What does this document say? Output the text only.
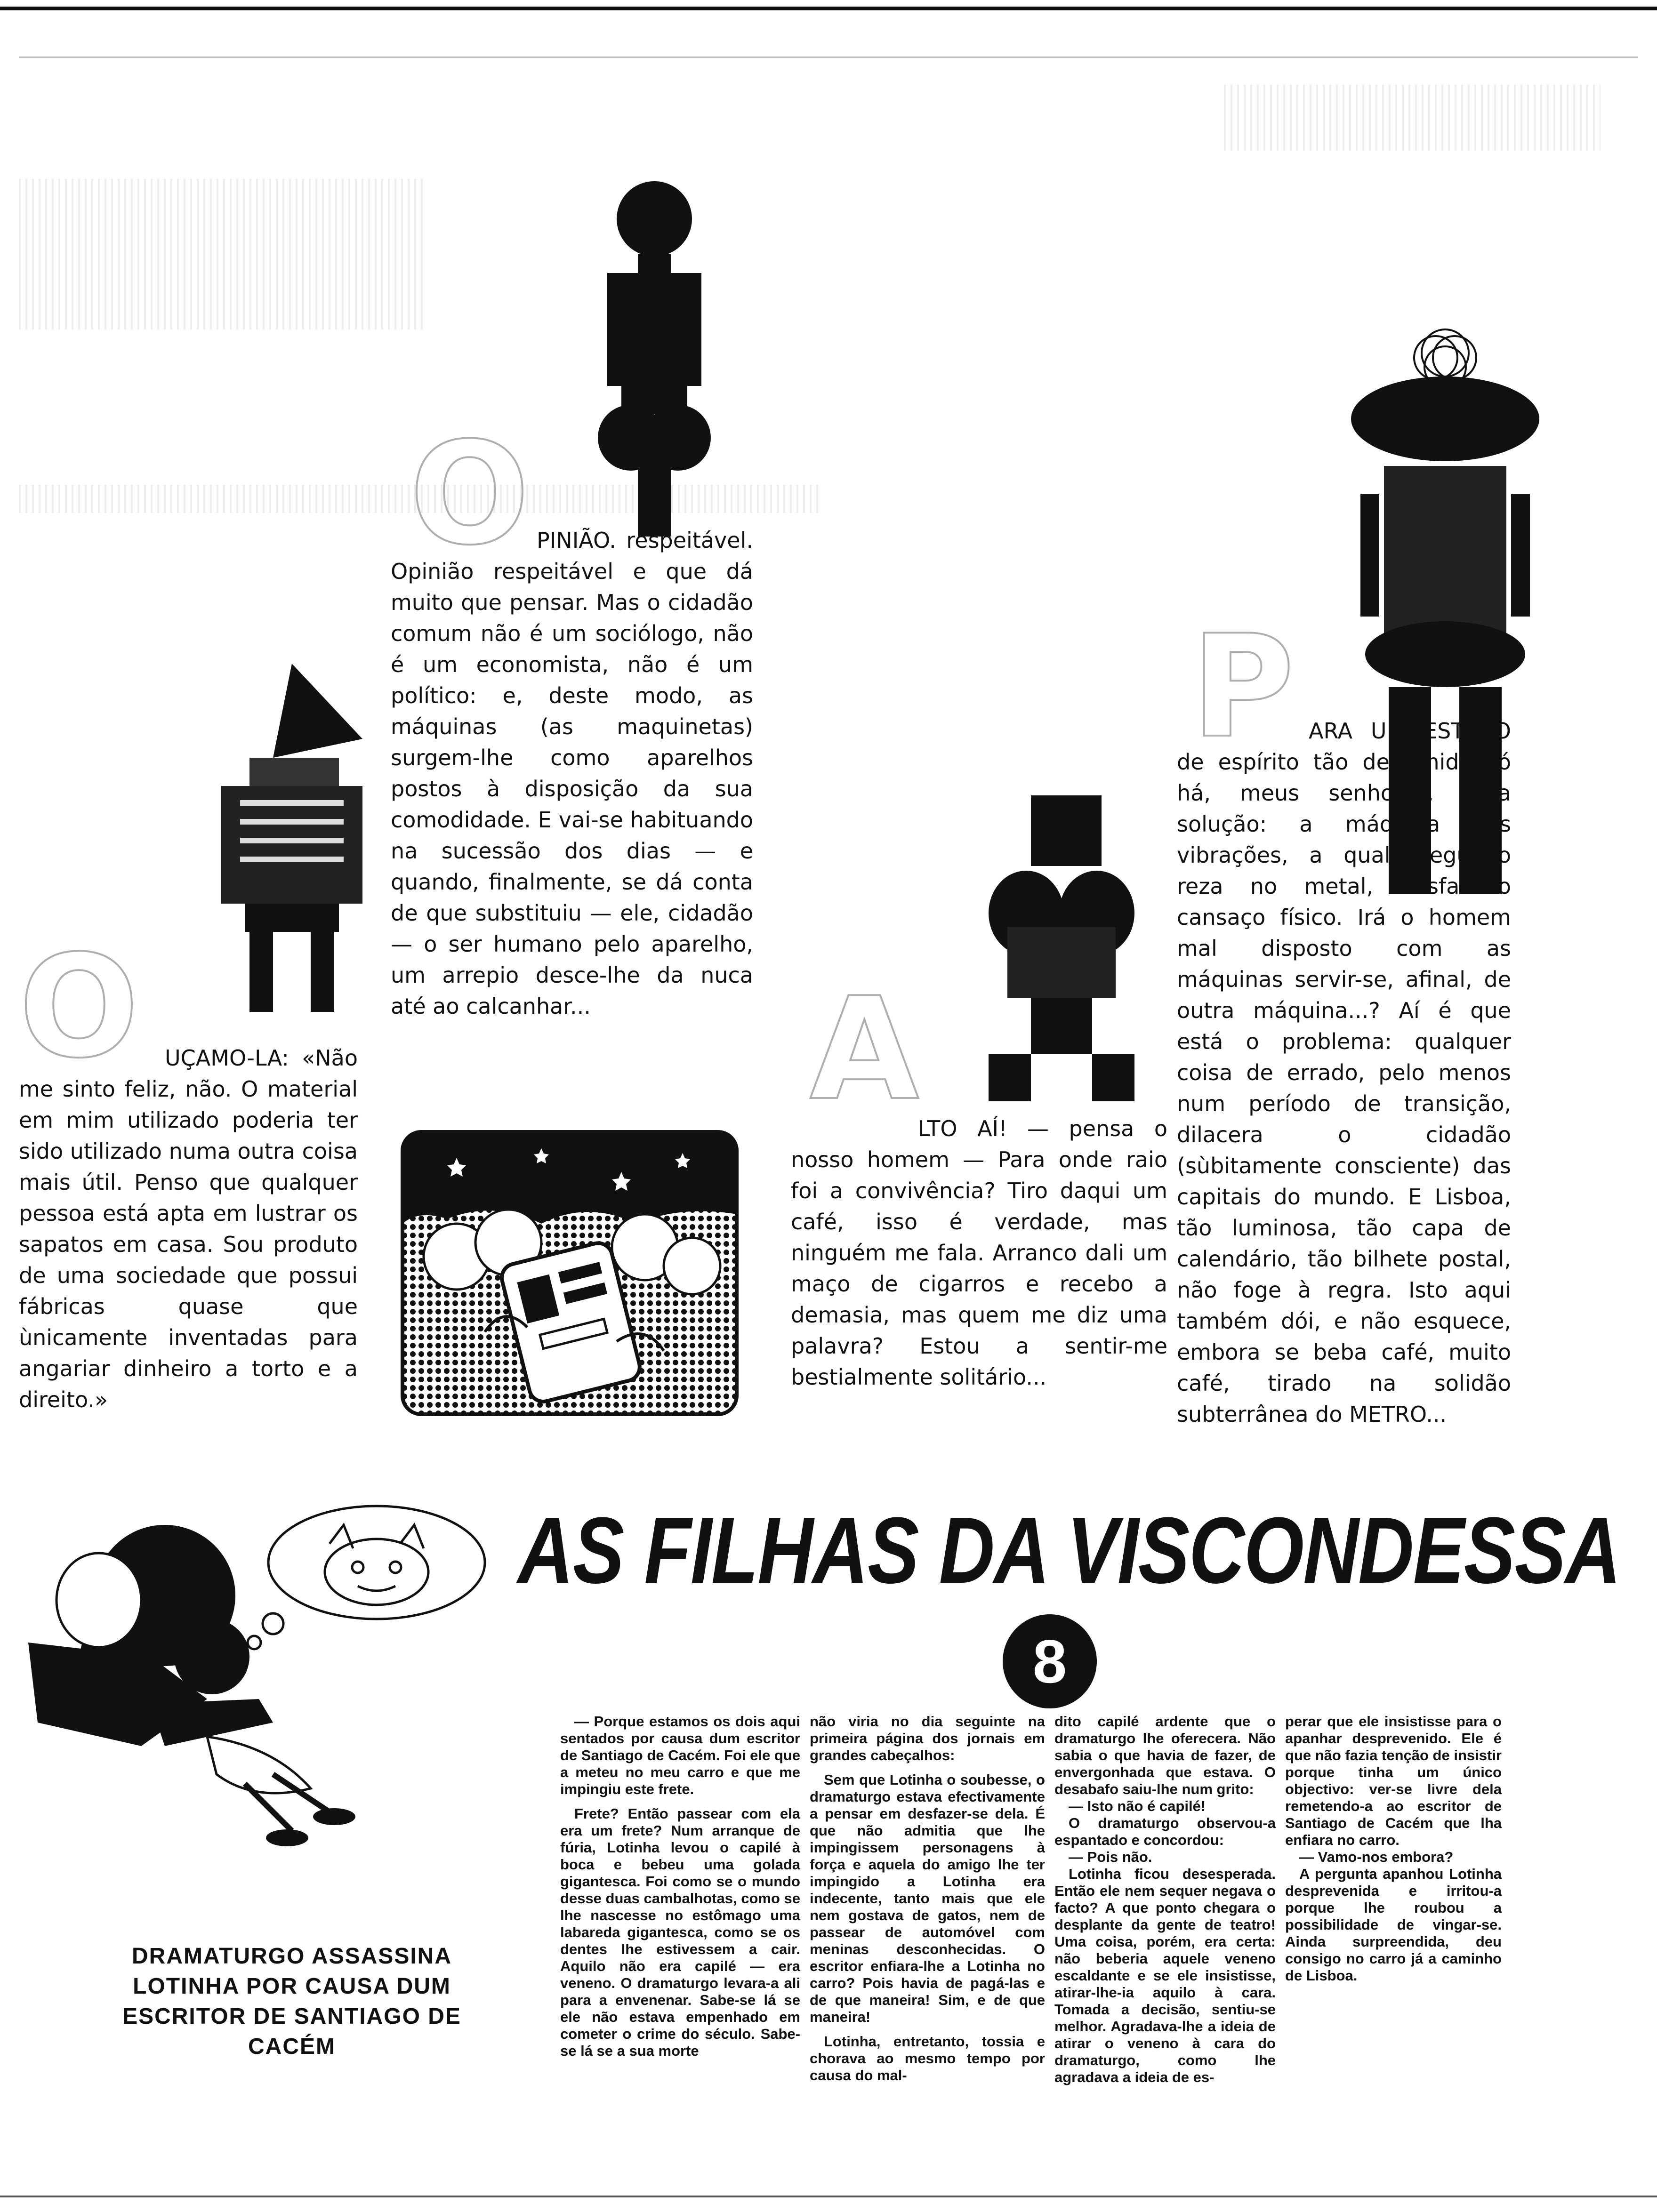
O PINIÃO. respeitável. Opinião respeitável e que dá muito que pensar. Mas o cidadão comum não é um sociólogo, não é um economista, não é um político: e, deste modo, as máquinas (as maquinetas) surgem-lhe como aparelhos postos à disposição da sua comodidade. E vai-se habituando na sucessão dos dias — e quando, finalmente, se dá conta de que substituiu — ele, cidadão — o ser humano pelo aparelho, um arrepio desce-lhe da nuca até ao calcanhar...

O	UÇAMO-LA: «Não me sinto feliz, não. O material em mim utilizado poderia ter sido utilizado numa outra coisa mais útil. Penso que qualquer pessoa está apta em lustrar os sapatos em casa. Sou produto de uma sociedade que possui fábricas quase que ùnicamente inventadas para angariar dinheiro a torto e a direito.»

A

LTO AÍ! — pensa o nosso homem — Para onde raio foi a convivência? Tiro daqui um café, isso é verdade, mas ninguém me fala. Arranco dali um maço de cigarros e recebo a demasia, mas quem me diz uma palavra? Estou a sentir-me bestialmente solitário...

P ARA UM ESTADO de espírito tão deprimido só há, meus senhores, uma solução: a máquina das vibrações, a qual, segundo reza no metal, desfaz o cansaço físico. Irá o homem mal disposto com as máquinas servir-se, afinal, de outra máquina...? Aí é que está o problema: qualquer coisa de errado, pelo menos num período de transição, dilacera o cidadão (sùbitamente consciente) das capitais do mundo. E Lisboa, tão luminosa, tão capa de calendário, tão bilhete postal, não foge à regra. Isto aqui também dói, e não esquece, embora se beba café, muito café, tirado na solidão subterrânea do METRO...

AS FILHAS DA VISCONDESSA
8
DRAMATURGO ASSASSINA LOTINHA POR CAUSA DUM ESCRITOR DE SANTIAGO DE CACÉM

— Porque estamos os dois aqui sentados por causa dum escritor de Santiago de Cacém. Foi ele que a meteu no meu carro e que me impingiu este frete.

Frete? Então passear com ela era um frete? Num arranque de fúria, Lotinha levou o capilé à boca e bebeu uma golada gigantesca. Foi como se o mundo desse duas cambalhotas, como se lhe nascesse no estômago uma labareda gigantesca, como se os dentes lhe estivessem a cair. Aquilo não era capilé — era veneno. O dramaturgo levara-a ali para a envenenar. Sabe-se lá se ele não estava empenhado em cometer o crime do século. Sabe-se lá se a sua morte

não viria no dia seguinte na primeira página dos jornais em grandes cabeçalhos:

Sem que Lotinha o soubesse, o dramaturgo estava efectivamente a pensar em desfazer-se dela. É que não admitia que lhe impingissem personagens à força e aquela do amigo lhe ter impingido a Lotinha era indecente, tanto mais que ele nem gostava de gatos, nem de passear de automóvel com meninas desconhecidas. O escritor enfiara-lhe a Lotinha no carro? Pois havia de pagá-las e de que maneira! Sim, e de que maneira!

Lotinha, entretanto, tossia e chorava ao mesmo tempo por causa do mal-

dito capilé ardente que o dramaturgo lhe oferecera. Não sabia o que havia de fazer, de envergonhada que estava. O desabafo saiu-lhe num grito:

— Isto não é capilé!

O dramaturgo observou-a espantado e concordou:

— Pois não.

Lotinha ficou desesperada. Então ele nem sequer negava o facto? A que ponto chegara o desplante da gente de teatro! Uma coisa, porém, era certa: não beberia aquele veneno escaldante e se ele insistisse, atirar-lhe-ia aquilo à cara. Tomada a decisão, sentiu-se melhor. Agradava-lhe a ideia de atirar o veneno à cara do dramaturgo, como lhe agradava a ideia de es-

perar que ele insistisse para o apanhar desprevenido. Ele é que não fazia tenção de insistir porque tinha um único objectivo: ver-se livre dela remetendo-a ao escritor de Santiago de Cacém que lha enfiara no carro.

— Vamo-nos embora?

A pergunta apanhou Lotinha desprevenida e irritou-a porque lhe roubou a possibilidade de vingar-se. Ainda surpreendida, deu consigo no carro já a caminho de Lisboa.
